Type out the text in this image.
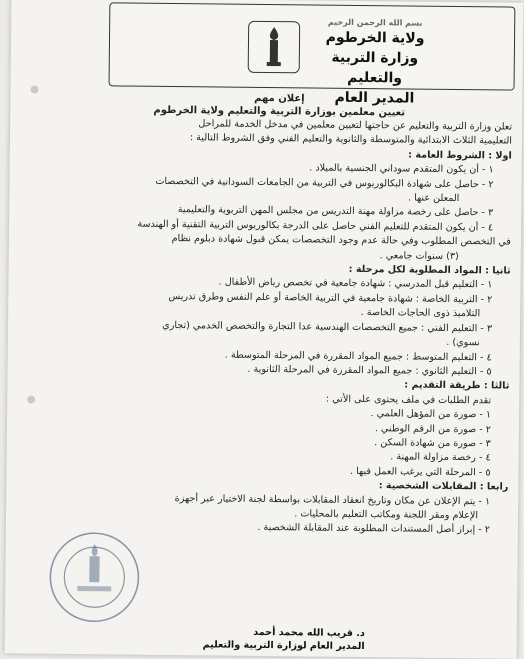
بسم الله الرحمن الرحيم
ولاية الخرطوم
وزارة التربية والتعليم
المدير العام
إعلان مهم
تعيين معلمين بوزارة التربية والتعليم ولاية الخرطوم
تعلن وزارة التربية والتعليم عن حاجتها لتعيين معلمين في مدخل الخدمة للمراحل
التعليمية الثلاث الابتدائية والمتوسطة والثانوية والتعليم الفني وفق الشروط التالية :
اولا : الشروط العامة :
١ - أن يكون المتقدم سوداني الجنسية بالميلاد .
٢ - حاصل على شهادة البكالوريوس في التربية من الجامعات السودانية في التخصصات
المعلن عنها .
٣ - حاصل على رخصة مزاولة مهنة التدريس من مجلس المهن التربوية والتعليمية
٤ - أن يكون المتقدم للتعليم الفني حاصل على الدرجة بكالوريوس التربية التقنية أو الهندسة
في التخصص المطلوب وفي حالة عدم وجود التخصصات يمكن قبول شهادة دبلوم نظام
(٣) سنوات جامعي .
ثانيا : المواد المطلوبة لكل مرحلة :
١ - التعليم قبل المدرسي : شهادة جامعية في تخصص رياض الأطفال .
٢ - التربية الخاصة : شهادة جامعية في التربية الخاصة أو علم النفس وطرق تدريس
التلاميذ ذوى الحاجات الخاصة .
٣ - التعليم الفني : جميع التخصصات الهندسية عدا التجارة والتخصص الخدمي (تجاري
نسوي) .
٤ - التعليم المتوسط : جميع المواد المقررة في المرحلة المتوسطة .
٥ - التعليم الثانوي : جميع المواد المقررة في المرحلة الثانوية .
ثالثا : طريقة التقديم :
تقدم الطلبات في ملف يحتوى على الأتي :
١ - صورة من المؤهل العلمي .
٢ - صورة من الرقم الوطني .
٣ - صورة من شهادة السكن .
٤ - رخصة مزاولة المهنة .
٥ - المرحلة التي يرغب العمل فيها .
رابعا : المقابلات الشخصية :
١ - يتم الإعلان عن مكان وتاريخ انعقاد المقابلات بواسطة لجنة الاختيار عبر أجهزة
الإعلام ومقر اللجنة ومكاتب التعليم بالمحليات .
٢ - إبراز أصل المستندات المطلوبة عند المقابلة الشخصية .
د. قريب الله محمد أحمد
المدير العام لوزارة التربية والتعليم
